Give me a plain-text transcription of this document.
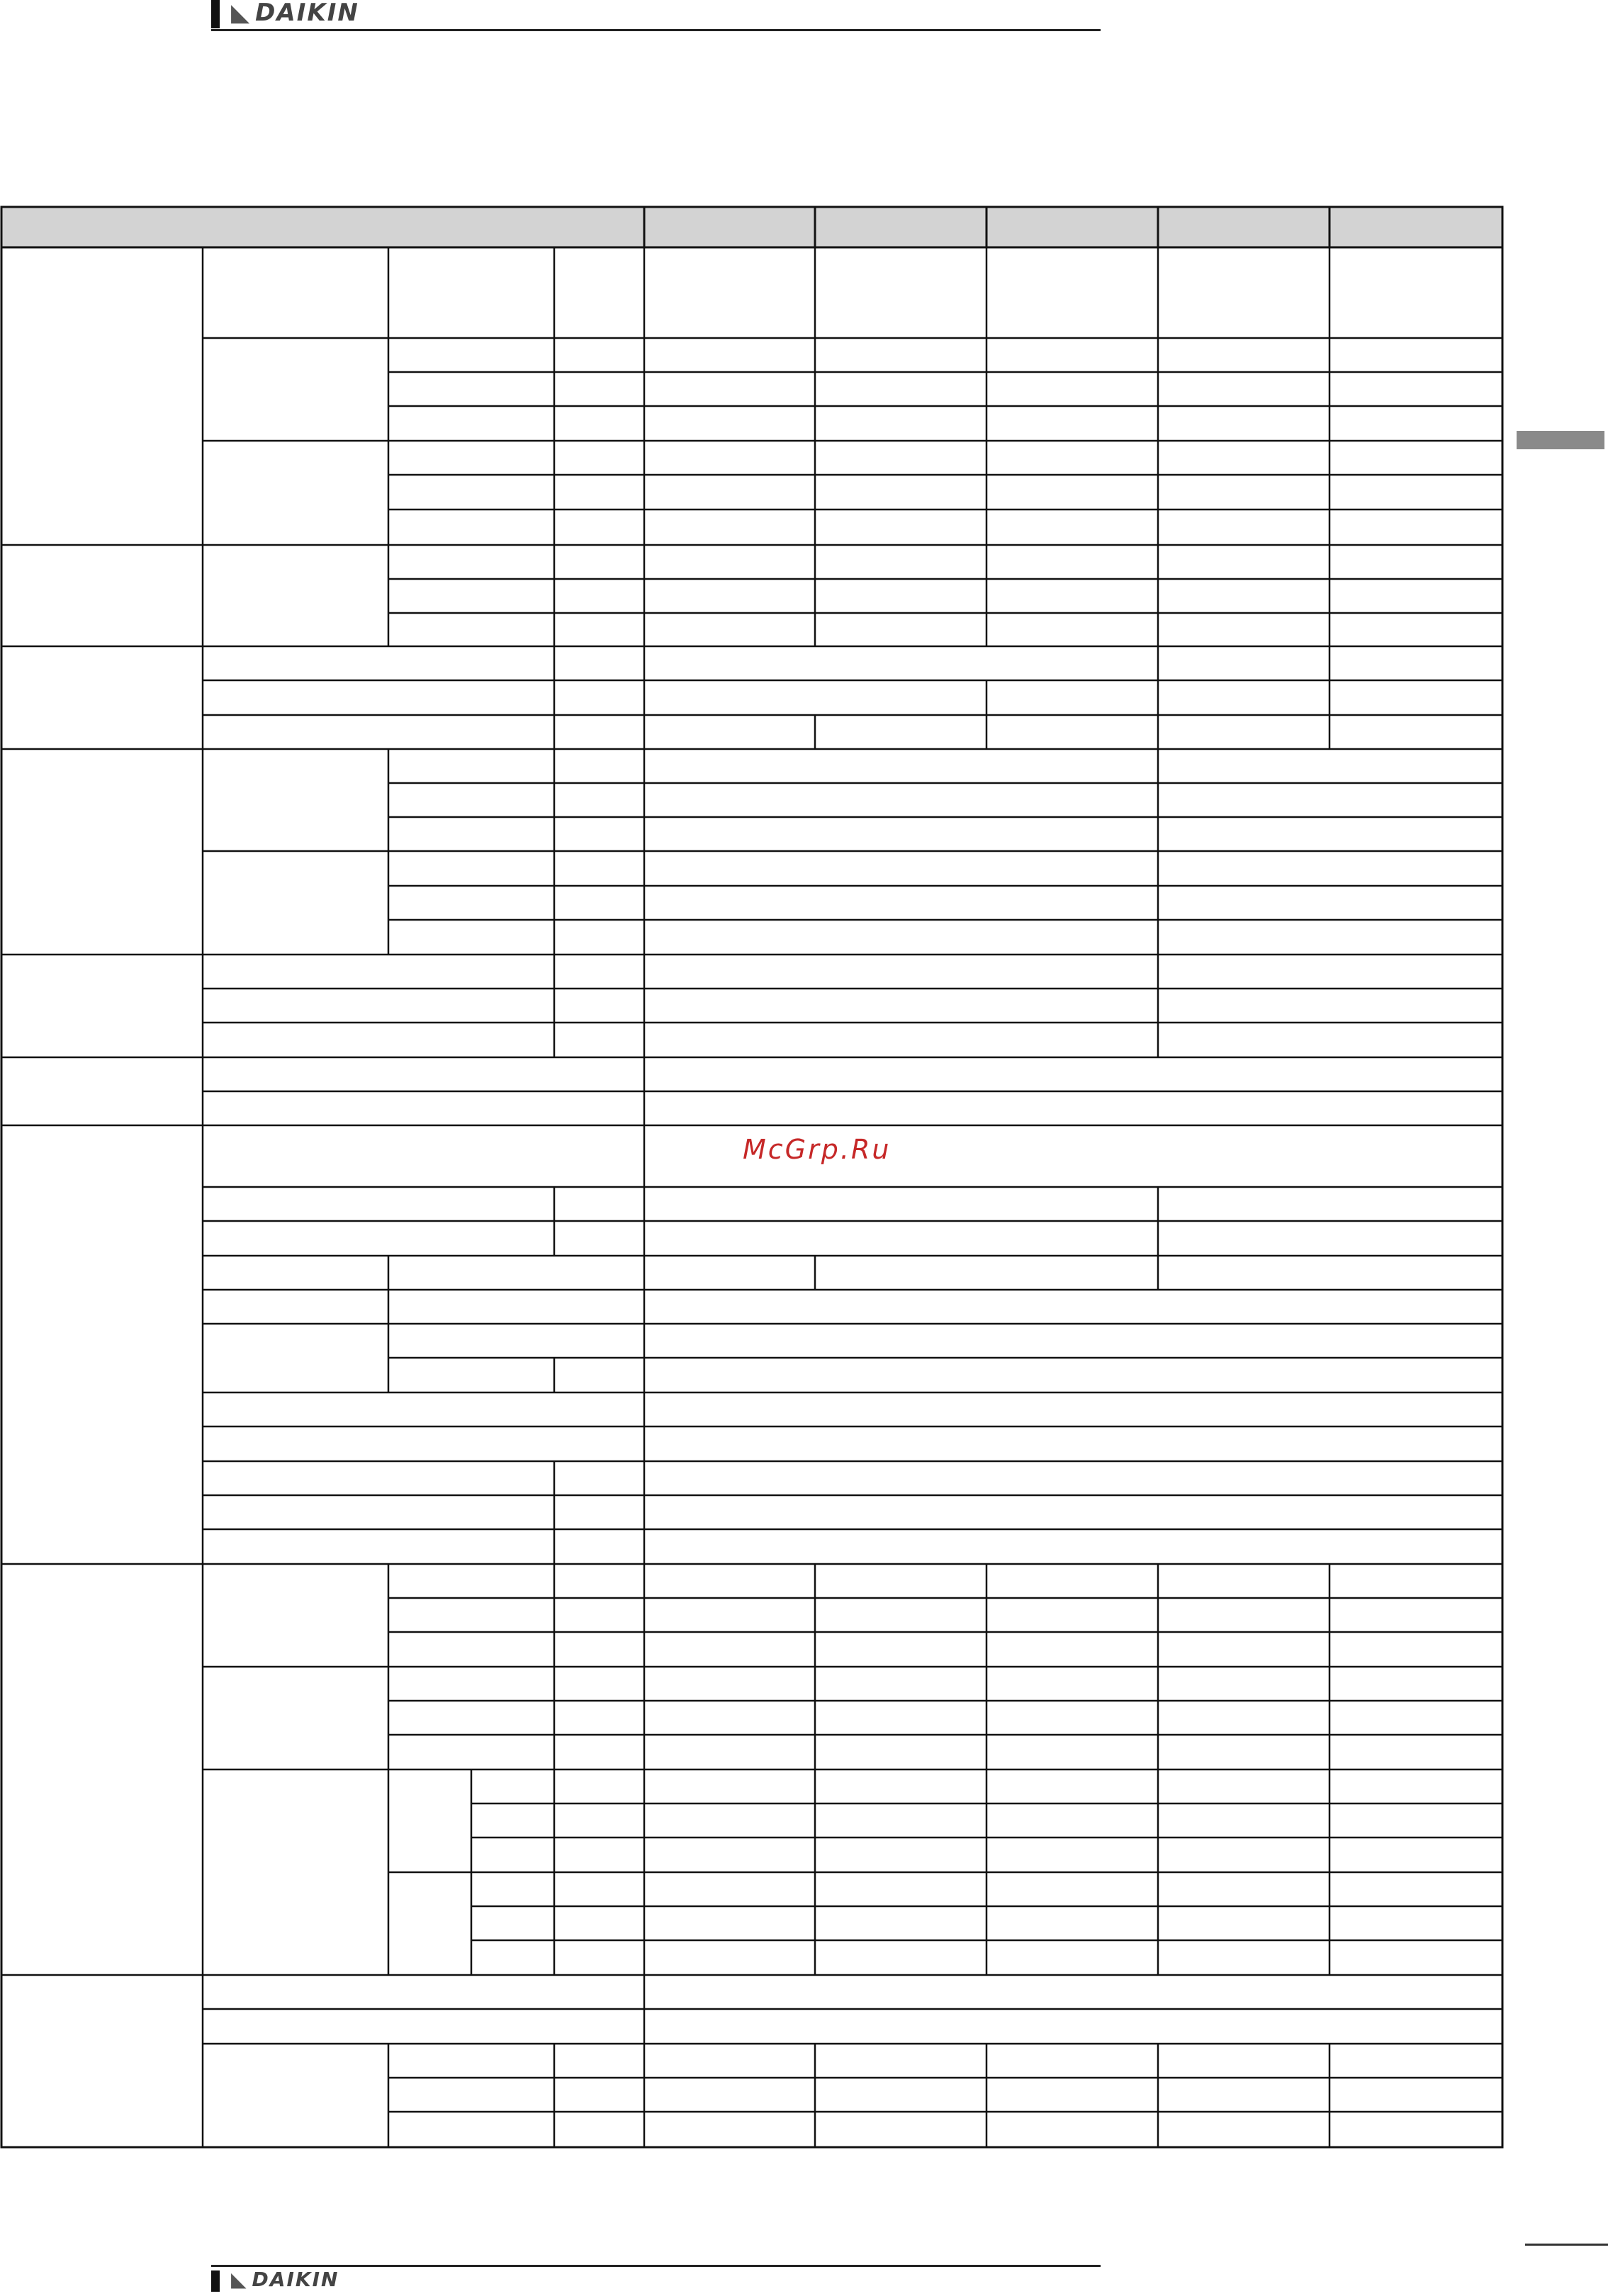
◣ DAIKIN
McGrp.Ru
◣ DAIKIN
